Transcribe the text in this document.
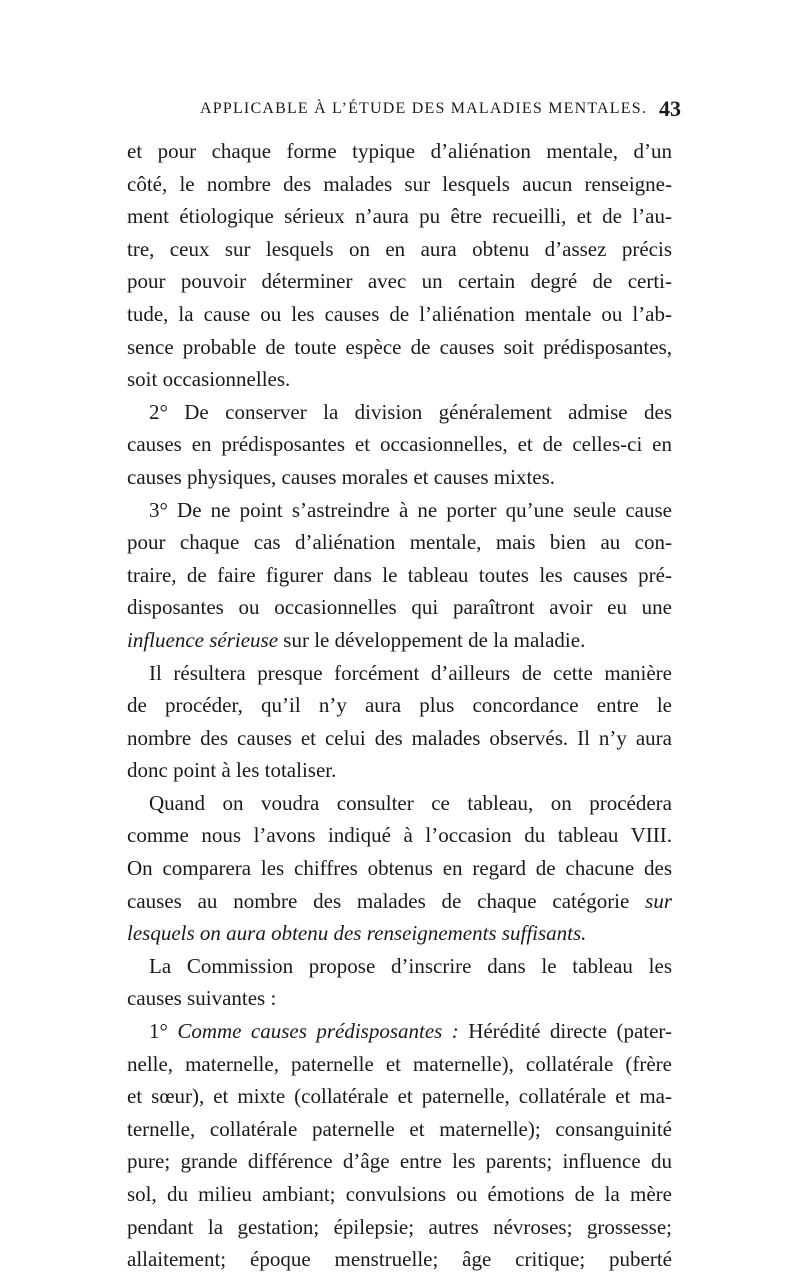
APPLICABLE À L’ÉTUDE DES MALADIES MENTALES. 43
et pour chaque forme typique d’aliénation mentale, d’un
côté, le nombre des malades sur lesquels aucun renseigne-
ment étiologique sérieux n’aura pu être recueilli, et de l’au-
tre, ceux sur lesquels on en aura obtenu d’assez précis
pour pouvoir déterminer avec un certain degré de certi-
tude, la cause ou les causes de l’aliénation mentale ou l’ab-
sence probable de toute espèce de causes soit prédisposantes,
soit occasionnelles.
2° De conserver la division généralement admise des
causes en prédisposantes et occasionnelles, et de celles-ci en
causes physiques, causes morales et causes mixtes.
3° De ne point s’astreindre à ne porter qu’une seule cause
pour chaque cas d’aliénation mentale, mais bien au con-
traire, de faire figurer dans le tableau toutes les causes pré-
disposantes ou occasionnelles qui paraîtront avoir eu une
influence sérieuse sur le développement de la maladie.
Il résultera presque forcément d’ailleurs de cette manière
de procéder, qu’il n’y aura plus concordance entre le
nombre des causes et celui des malades observés. Il n’y aura
donc point à les totaliser.
Quand on voudra consulter ce tableau, on procédera
comme nous l’avons indiqué à l’occasion du tableau VIII.
On comparera les chiffres obtenus en regard de chacune des
causes au nombre des malades de chaque catégorie sur
lesquels on aura obtenu des renseignements suffisants.
La Commission propose d’inscrire dans le tableau les
causes suivantes :
1° Comme causes prédisposantes : Hérédité directe (pater-
nelle, maternelle, paternelle et maternelle), collatérale (frère
et sœur), et mixte (collatérale et paternelle, collatérale et ma-
ternelle, collatérale paternelle et maternelle); consanguinité
pure; grande différence d’âge entre les parents; influence du
sol, du milieu ambiant; convulsions ou émotions de la mère
pendant la gestation; épilepsie; autres névroses; grossesse;
allaitement; époque menstruelle; âge critique; puberté
